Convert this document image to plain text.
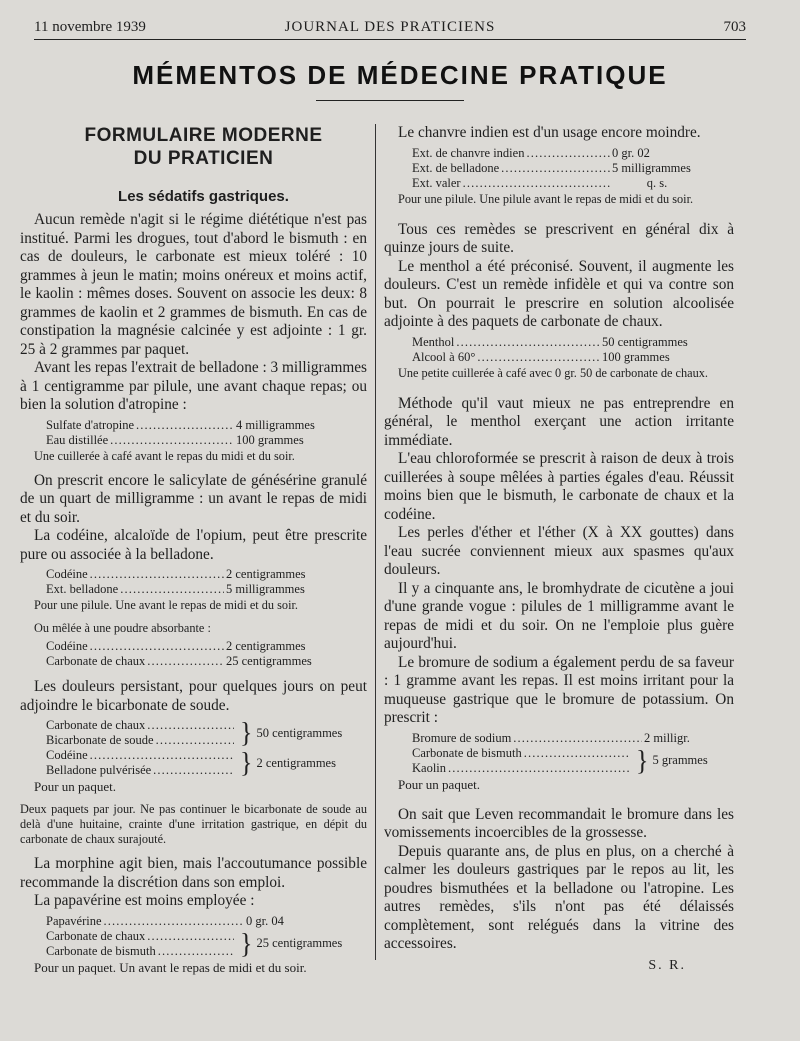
11 novembre 1939	JOURNAL DES PRATICIENS	703
MÉMENTOS DE MÉDECINE PRATIQUE
FORMULAIRE MODERNE
DU PRATICIEN
Les sédatifs gastriques.

Aucun remède n'agit si le régime diététique n'est pas institué. Parmi les drogues, tout d'abord le bismuth : en cas de douleurs, le carbonate est mieux toléré : 10 grammes à jeun le matin; moins onéreux et moins actif, le kaolin : mêmes doses. Souvent on associe les deux: 8 grammes de kaolin et 2 grammes de bismuth. En cas de constipation la magnésie calcinée y est adjointe : 1 gr. 25 à 2 grammes par paquet.

Avant les repas l'extrait de belladone : 3 milligrammes à 1 centigramme par pilule, une avant chaque repas; ou bien la solution d'atropine :

Sulfate d'atropine . . .	4 milligrammes
Eau distillée . . .	100 grammes

Une cuillerée à café avant le repas du midi et du soir.

On prescrit encore le salicylate de génésérine granulé de un quart de milligramme : un avant le repas de midi et du soir.

La codéine, alcaloïde de l'opium, peut être prescrite pure ou associée à la belladone.

Codéine . . .	2 centigrammes
Ext. belladone . . .	5 milligrammes

Pour une pilule. Une avant le repas de midi et du soir.

Ou mêlée à une poudre absorbante :

Codéine . . .	2 centigrammes
Carbonate de chaux . . .	25 centigrammes

Les douleurs persistant, pour quelques jours on peut adjoindre le bicarbonate de soude.

Carbonate de chaux
. . .
Bicarbonate de soude . . .	} 50 centigrammes
Codéine
. . .
Belladone pulvérisée . . .	} 2 centigrammes

Pour un paquet.

Deux paquets par jour. Ne pas continuer le bicarbonate de soude au delà d'une huitaine, crainte d'une irritation gastrique, en dépit du carbonate de chaux surajouté.

La morphine agit bien, mais l'accoutumance possible recommande la discrétion dans son emploi.

La papavérine est moins employée :

Papavérine . . .	0 gr. 04
Carbonate de chaux
. . .
Carbonate de bismuth . . .	} 25 centigrammes

Pour un paquet. Un avant le repas de midi et du soir.

Le chanvre indien est d'un usage encore moindre.

Ext. de chanvre indien . . .	0 gr. 02
Ext. de belladone . . .	5 milligrammes
Ext. valer . . .	q. s.

Pour une pilule. Une pilule avant le repas de midi et du soir.

Tous ces remèdes se prescrivent en général dix à quinze jours de suite.

Le menthol a été préconisé. Souvent, il augmente les douleurs. C'est un remède infidèle et qui va contre son but. On pourrait le prescrire en solution alcoolisée adjointe à des paquets de carbonate de chaux.

Menthol . . .	50 centigrammes
Alcool à 60° . . .	100 grammes

Une petite cuillerée à café avec 0 gr. 50 de carbonate de chaux.

Méthode qu'il vaut mieux ne pas entreprendre en général, le menthol exerçant une action irritante immédiate.

L'eau chloroformée se prescrit à raison de deux à trois cuillerées à soupe mêlées à parties égales d'eau. Réussit moins bien que le bismuth, le carbonate de chaux et la codéine.

Les perles d'éther et l'éther (X à XX gouttes) dans l'eau sucrée conviennent mieux aux spasmes qu'aux douleurs.

Il y a cinquante ans, le bromhydrate de cicutène a joui d'une grande vogue : pilules de 1 milligramme avant le repas de midi et du soir. On ne l'emploie plus guère aujourd'hui.

Le bromure de sodium a également perdu de sa faveur : 1 gramme avant les repas. Il est moins irritant pour la muqueuse gastrique que le bromure de potassium. On prescrit :

Bromure de sodium . . .	2 milligr.
Carbonate de bismuth
. . .
Kaolin . . .	} 5 grammes

Pour un paquet.

On sait que Leven recommandait le bromure dans les vomissements incoercibles de la grossesse.

Depuis quarante ans, de plus en plus, on a cherché à calmer les douleurs gastriques par le repos au lit, les poudres bismuthées et la belladone ou l'atropine. Les autres remèdes, s'ils n'ont pas été délaissés complètement, sont relégués dans la vitrine des accessoires.

S. R.
